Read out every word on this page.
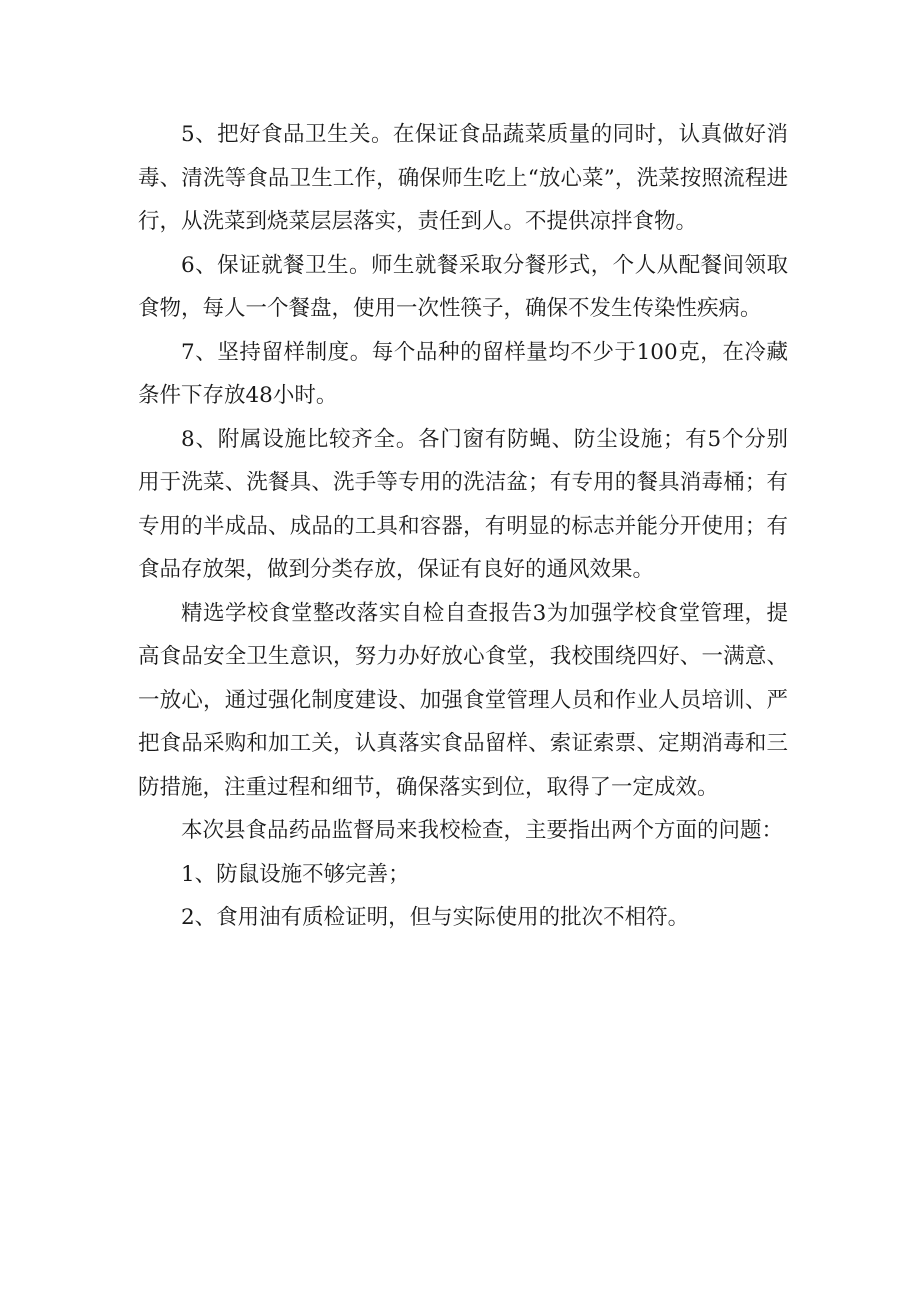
5、把好食品卫生关。在保证食品蔬菜质量的同时，认真做好消毒、清洗等食品卫生工作，确保师生吃上“放心菜”，洗菜按照流程进行，从洗菜到烧菜层层落实，责任到人。不提供凉拌食物。

6、保证就餐卫生。师生就餐采取分餐形式，个人从配餐间领取食物，每人一个餐盘，使用一次性筷子，确保不发生传染性疾病。

7、坚持留样制度。每个品种的留样量均不少于100克，在冷藏条件下存放48小时。

8、附属设施比较齐全。各门窗有防蝇、防尘设施；有5个分别用于洗菜、洗餐具、洗手等专用的洗洁盆；有专用的餐具消毒桶；有专用的半成品、成品的工具和容器，有明显的标志并能分开使用；有食品存放架，做到分类存放，保证有良好的通风效果。

精选学校食堂整改落实自检自查报告3为加强学校食堂管理，提高食品安全卫生意识，努力办好放心食堂，我校围绕四好、一满意、一放心，通过强化制度建设、加强食堂管理人员和作业人员培训、严把食品采购和加工关，认真落实食品留样、索证索票、定期消毒和三防措施，注重过程和细节，确保落实到位，取得了一定成效。

本次县食品药品监督局来我校检查，主要指出两个方面的问题：

1、防鼠设施不够完善；

2、食用油有质检证明，但与实际使用的批次不相符。
